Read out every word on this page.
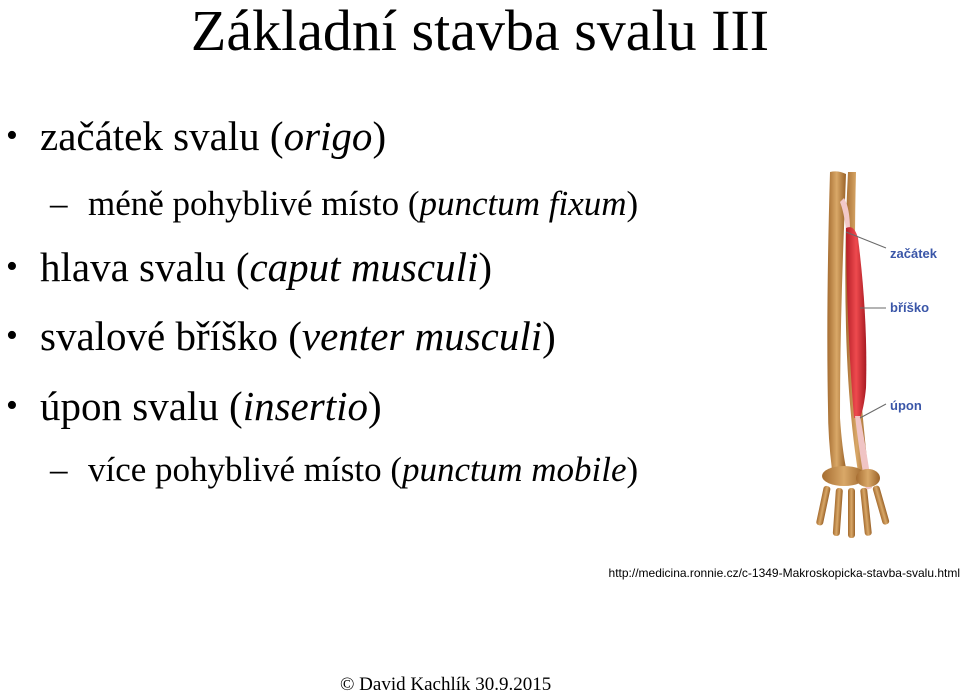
Základní stavba svalu III
• začátek svalu (origo)
– méně pohyblivé místo (punctum fixum)
• hlava svalu (caput musculi)
• svalové bříško (venter musculi)
• úpon svalu (insertio)
– více pohyblivé místo (punctum mobile)
začátek
bříško
úpon
http://medicina.ronnie.cz/c-1349-Makroskopicka-stavba-svalu.html
© David Kachlík 30.9.2015
